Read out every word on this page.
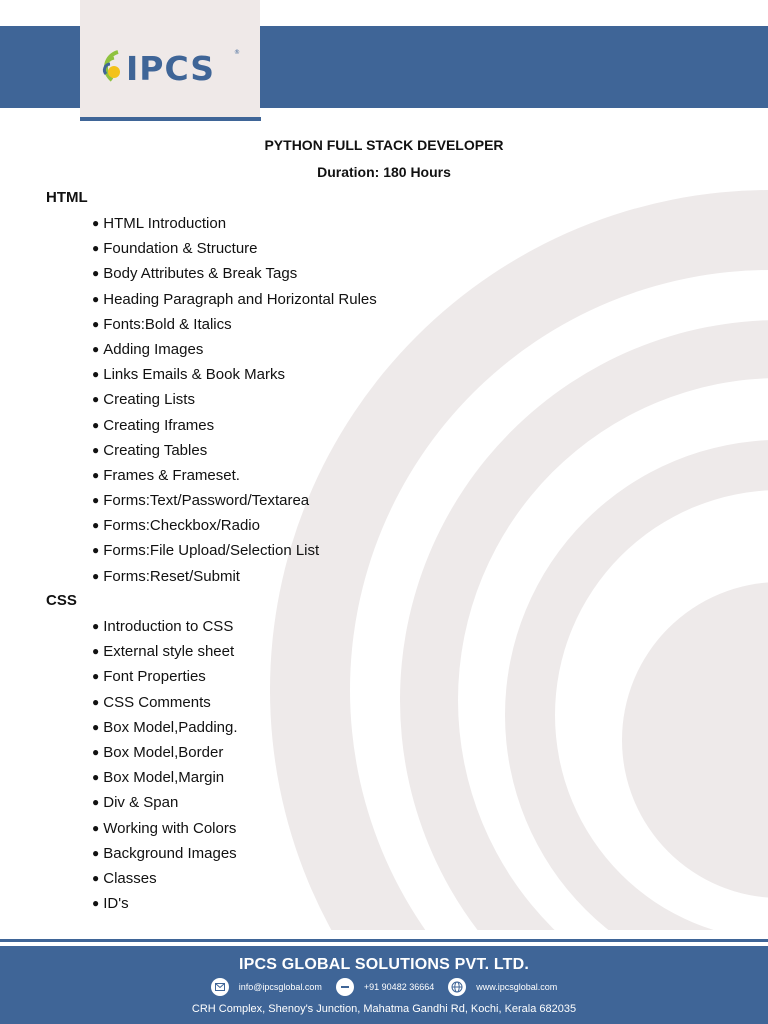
IPCS	®
PYTHON FULL STACK DEVELOPER
Duration: 180 Hours
HTML
● HTML Introduction
● Foundation & Structure
● Body Attributes & Break Tags
● Heading Paragraph and Horizontal Rules
● Fonts:Bold & Italics
● Adding Images
● Links Emails & Book Marks
● Creating Lists
● Creating Iframes
● Creating Tables
● Frames & Frameset.
● Forms:Text/Password/Textarea
● Forms:Checkbox/Radio
● Forms:File Upload/Selection List
● Forms:Reset/Submit
CSS
● Introduction to CSS
● External style sheet
● Font Properties
● CSS Comments
● Box Model,Padding.
● Box Model,Border
● Box Model,Margin
● Div & Span
● Working with Colors
● Background Images
● Classes
● ID's
IPCS GLOBAL SOLUTIONS PVT. LTD.
info@ipcsglobal.com	+91 90482 36664	www.ipcsglobal.com
CRH Complex, Shenoy's Junction, Mahatma Gandhi Rd, Kochi, Kerala 682035
